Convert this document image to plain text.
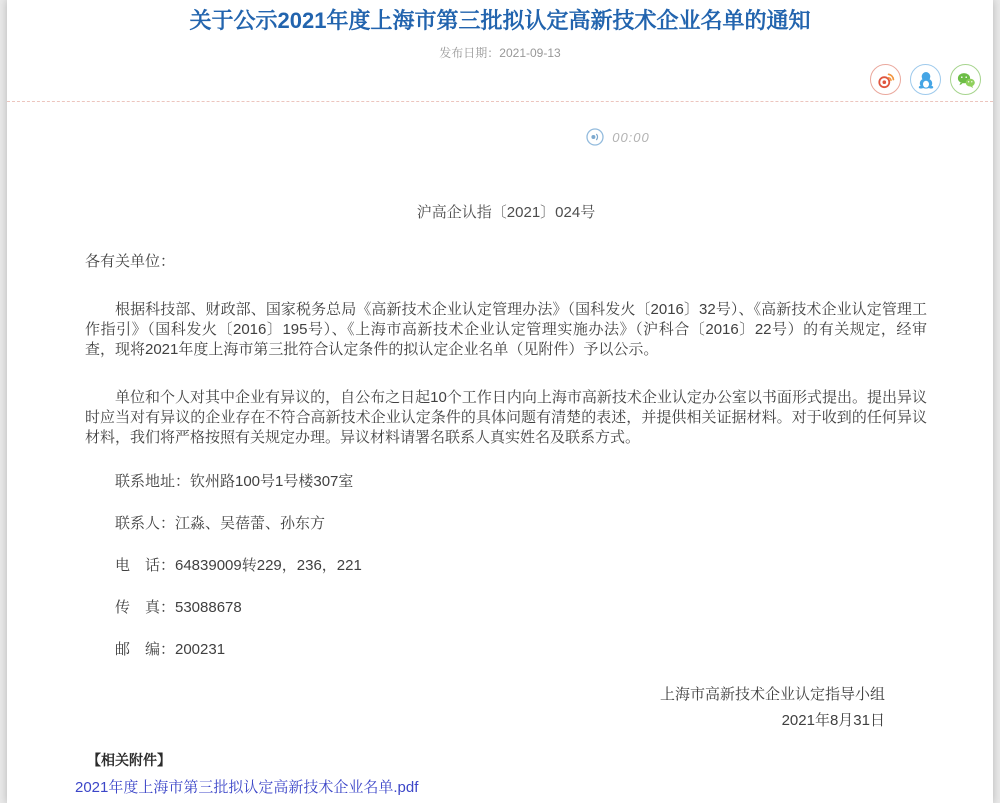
关于公示2021年度上海市第三批拟认定高新技术企业名单的通知
发布日期：2021-09-13
00:00
沪高企认指〔2021〕024号

各有关单位：

根据科技部、财政部、国家税务总局《高新技术企业认定管理办法》（国科发火〔2016〕32号）、《高新技术企业认定管理工作指引》（国科发火〔2016〕195号）、《上海市高新技术企业认定管理实施办法》（沪科合〔2016〕22号）的有关规定，经审查，现将2021年度上海市第三批符合认定条件的拟认定企业名单（见附件）予以公示。

单位和个人对其中企业有异议的，自公布之日起10个工作日内向上海市高新技术企业认定办公室以书面形式提出。提出异议时应当对有异议的企业存在不符合高新技术企业认定条件的具体问题有清楚的表述，并提供相关证据材料。对于收到的任何异议材料，我们将严格按照有关规定办理。异议材料请署名联系人真实姓名及联系方式。

联系地址：钦州路100号1号楼307室
联系人：江淼、吴蓓蕾、孙东方
电　话：64839009转229，236，221
传　真：53088678
邮　编：200231
上海市高新技术企业认定指导小组
2021年8月31日
【相关附件】
2021年度上海市第三批拟认定高新技术企业名单.pdf
